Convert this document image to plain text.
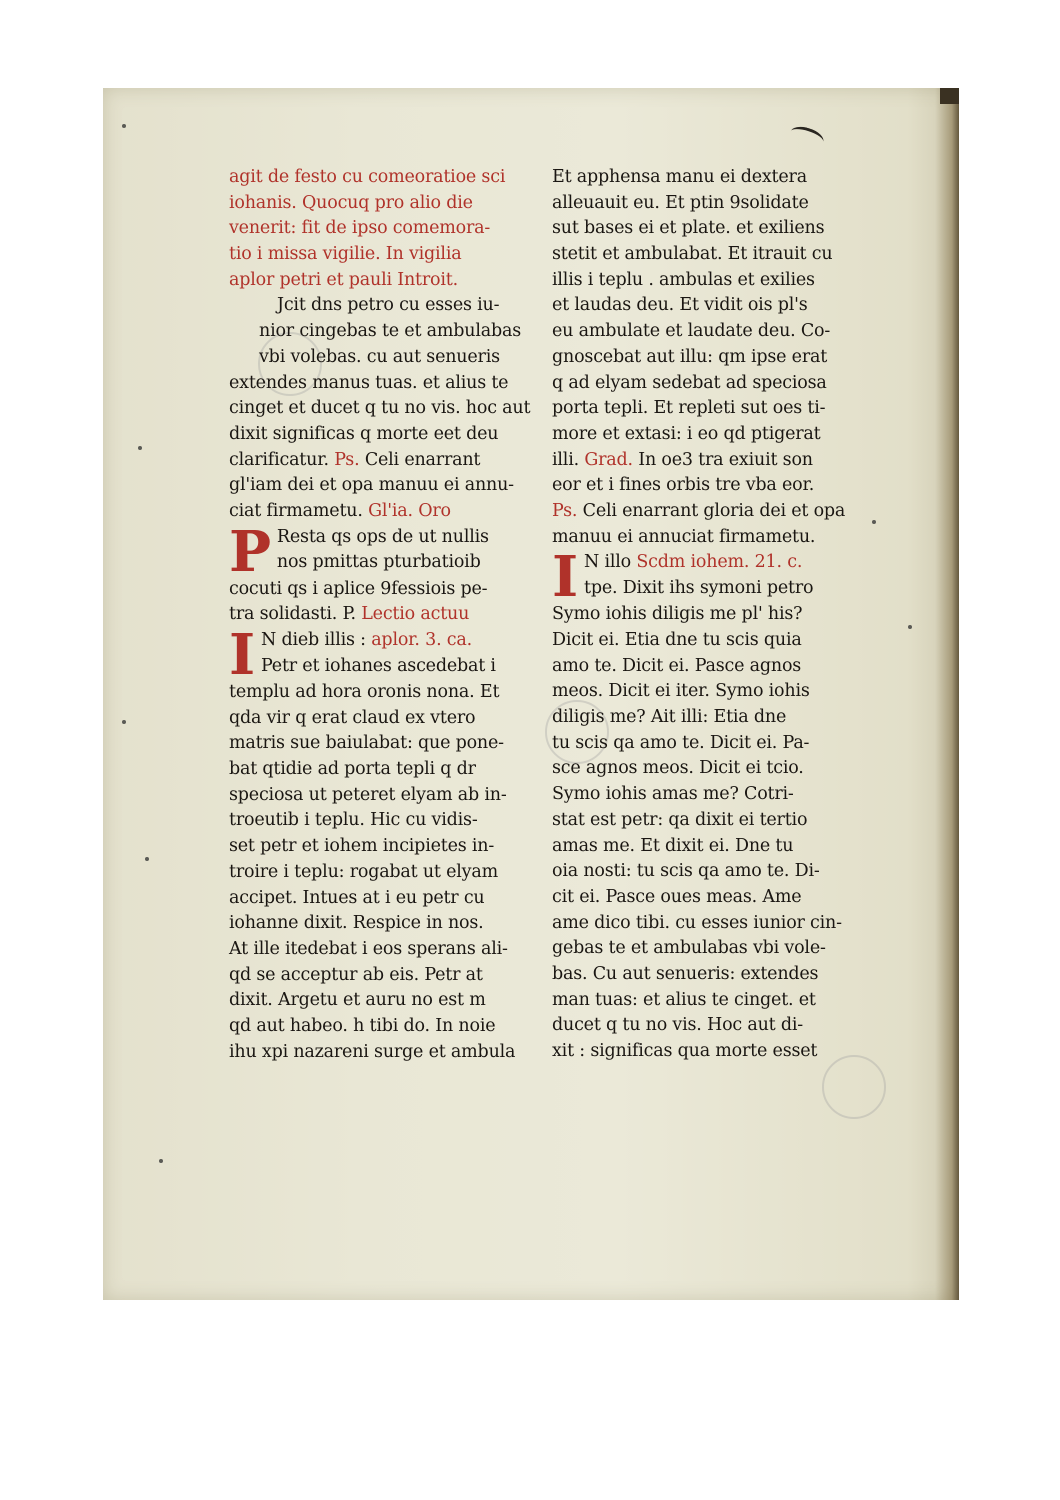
agit de festo cu comeoratioe sci
iohanis. Quocuq pro alio die
venerit: fit de ipso comemora-
tio i missa vigilie. In vigilia
aplor petri et pauli Introit.
Jcit dns petro cu esses iu-
nior cingebas te et ambulabas
vbi volebas. cu aut senueris
extendes manus tuas. et alius te
cinget et ducet q tu no vis. hoc aut
dixit significas q morte eet deu
clarificatur. Ps. Celi enarrant
gl'iam dei et opa manuu ei annu-
ciat firmametu. Gl'ia. Oro
P Resta qs ops de ut nullis
nos pmittas pturbatioib
cocuti qs i aplice 9fessiois pe-
tra solidasti. P. Lectio actuu
I N dieb illis : aplor. 3. ca.
Petr et iohanes ascedebat i
templu ad hora oronis nona. Et
qda vir q erat claud ex vtero
matris sue baiulabat: que pone-
bat qtidie ad porta tepli q dr
speciosa ut peteret elyam ab in-
troeutib i teplu. Hic cu vidis-
set petr et iohem incipietes in-
troire i teplu: rogabat ut elyam
accipet. Intues at i eu petr cu
iohanne dixit. Respice in nos.
At ille itedebat i eos sperans ali-
qd se acceptur ab eis. Petr at
dixit. Argetu et auru no est m
qd aut habeo. h tibi do. In noie
ihu xpi nazareni surge et ambula
Et apphensa manu ei dextera
alleuauit eu. Et ptin 9solidate
sut bases ei et plate. et exiliens
stetit et ambulabat. Et itrauit cu
illis i teplu . ambulas et exilies
et laudas deu. Et vidit ois pl's
eu ambulate et laudate deu. Co-
gnoscebat aut illu: qm ipse erat
q ad elyam sedebat ad speciosa
porta tepli. Et repleti sut oes ti-
more et extasi: i eo qd ptigerat
illi. Grad. In oe3 tra exiuit son
eor et i fines orbis tre vba eor.
Ps. Celi enarrant gloria dei et opa
manuu ei annuciat firmametu.
I N illo Scdm iohem. 21. c.
tpe. Dixit ihs symoni petro
Symo iohis diligis me pl' his?
Dicit ei. Etia dne tu scis quia
amo te. Dicit ei. Pasce agnos
meos. Dicit ei iter. Symo iohis
diligis me? Ait illi: Etia dne
tu scis qa amo te. Dicit ei. Pa-
sce agnos meos. Dicit ei tcio.
Symo iohis amas me? Cotri-
stat est petr: qa dixit ei tertio
amas me. Et dixit ei. Dne tu
oia nosti: tu scis qa amo te. Di-
cit ei. Pasce oues meas. Ame
ame dico tibi. cu esses iunior cin-
gebas te et ambulabas vbi vole-
bas. Cu aut senueris: extendes
man tuas: et alius te cinget. et
ducet q tu no vis. Hoc aut di-
xit : significas qua morte esset
